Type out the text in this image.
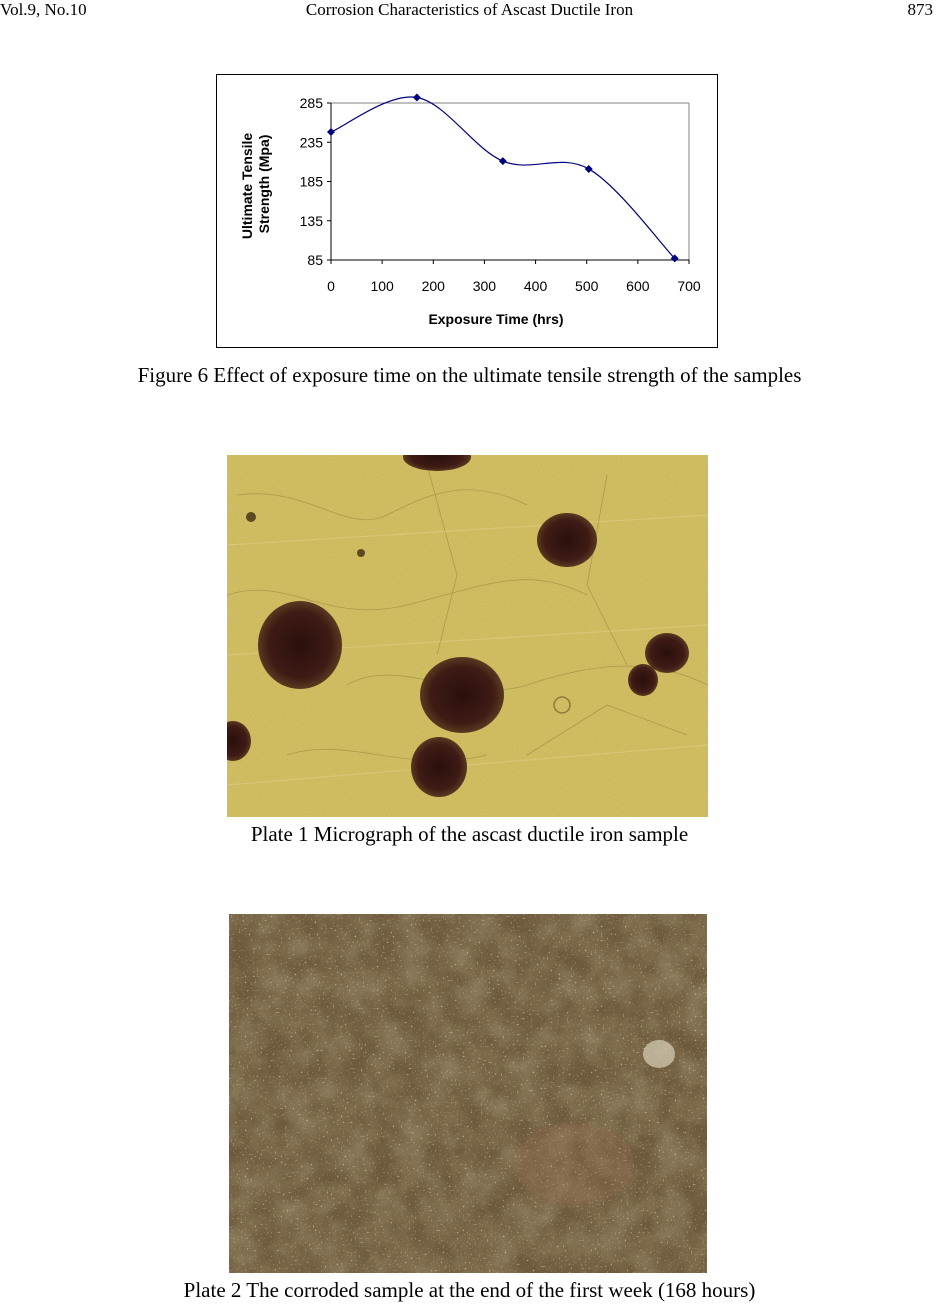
Vol.9, No.10	Corrosion Characteristics of Ascast Ductile Iron	873
85
135
185
235
285
0	100 200 300 400 500 600 700
Exposure Time (hrs)
Ultimate Tensile Strength (Mpa)
Figure 6 Effect of exposure time on the ultimate tensile strength of the samples
Plate 1 Micrograph of the ascast ductile iron sample
Plate 2 The corroded sample at the end of the first week (168 hours)
